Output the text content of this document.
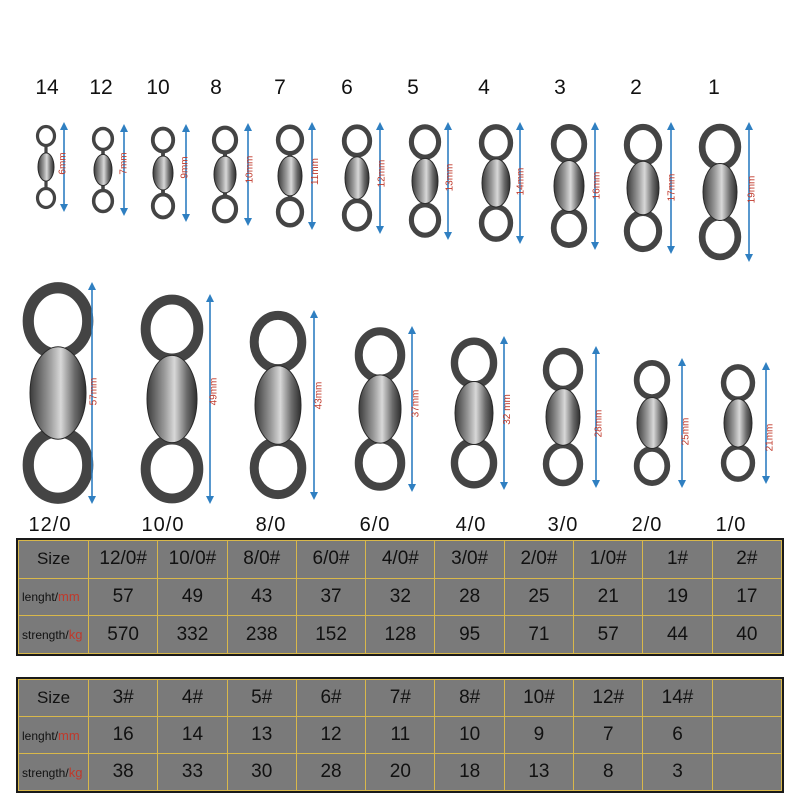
14 12 10 8 7	6	5	4	3	2	1
6mm	7mm	9mm	10mm	11mm	12mm	13mm	14mm	16mm	17mm	19mm
57mm	49mm	43mm	37mm	32 mm	28mm	25mm	21mm
12/0	10/0	8/0	6/0	4/0	3/0	2/0	1/0
Size	12/0#	10/0#	8/0#	6/0#	4/0#	3/0#	2/0#	1/0#	1#	2#
lenght/mm	57	49	43	37	32	28	25	21	19	17
strength/kg	570	332	238	152	128	95	71	57	44	40
Size	3#	4#	5#	6#	7#	8#	10#	12#	14#	
lenght/mm	16	14	13	12	11	10	9	7	6	
strength/kg	38	33	30	28	20	18	13	8	3	
